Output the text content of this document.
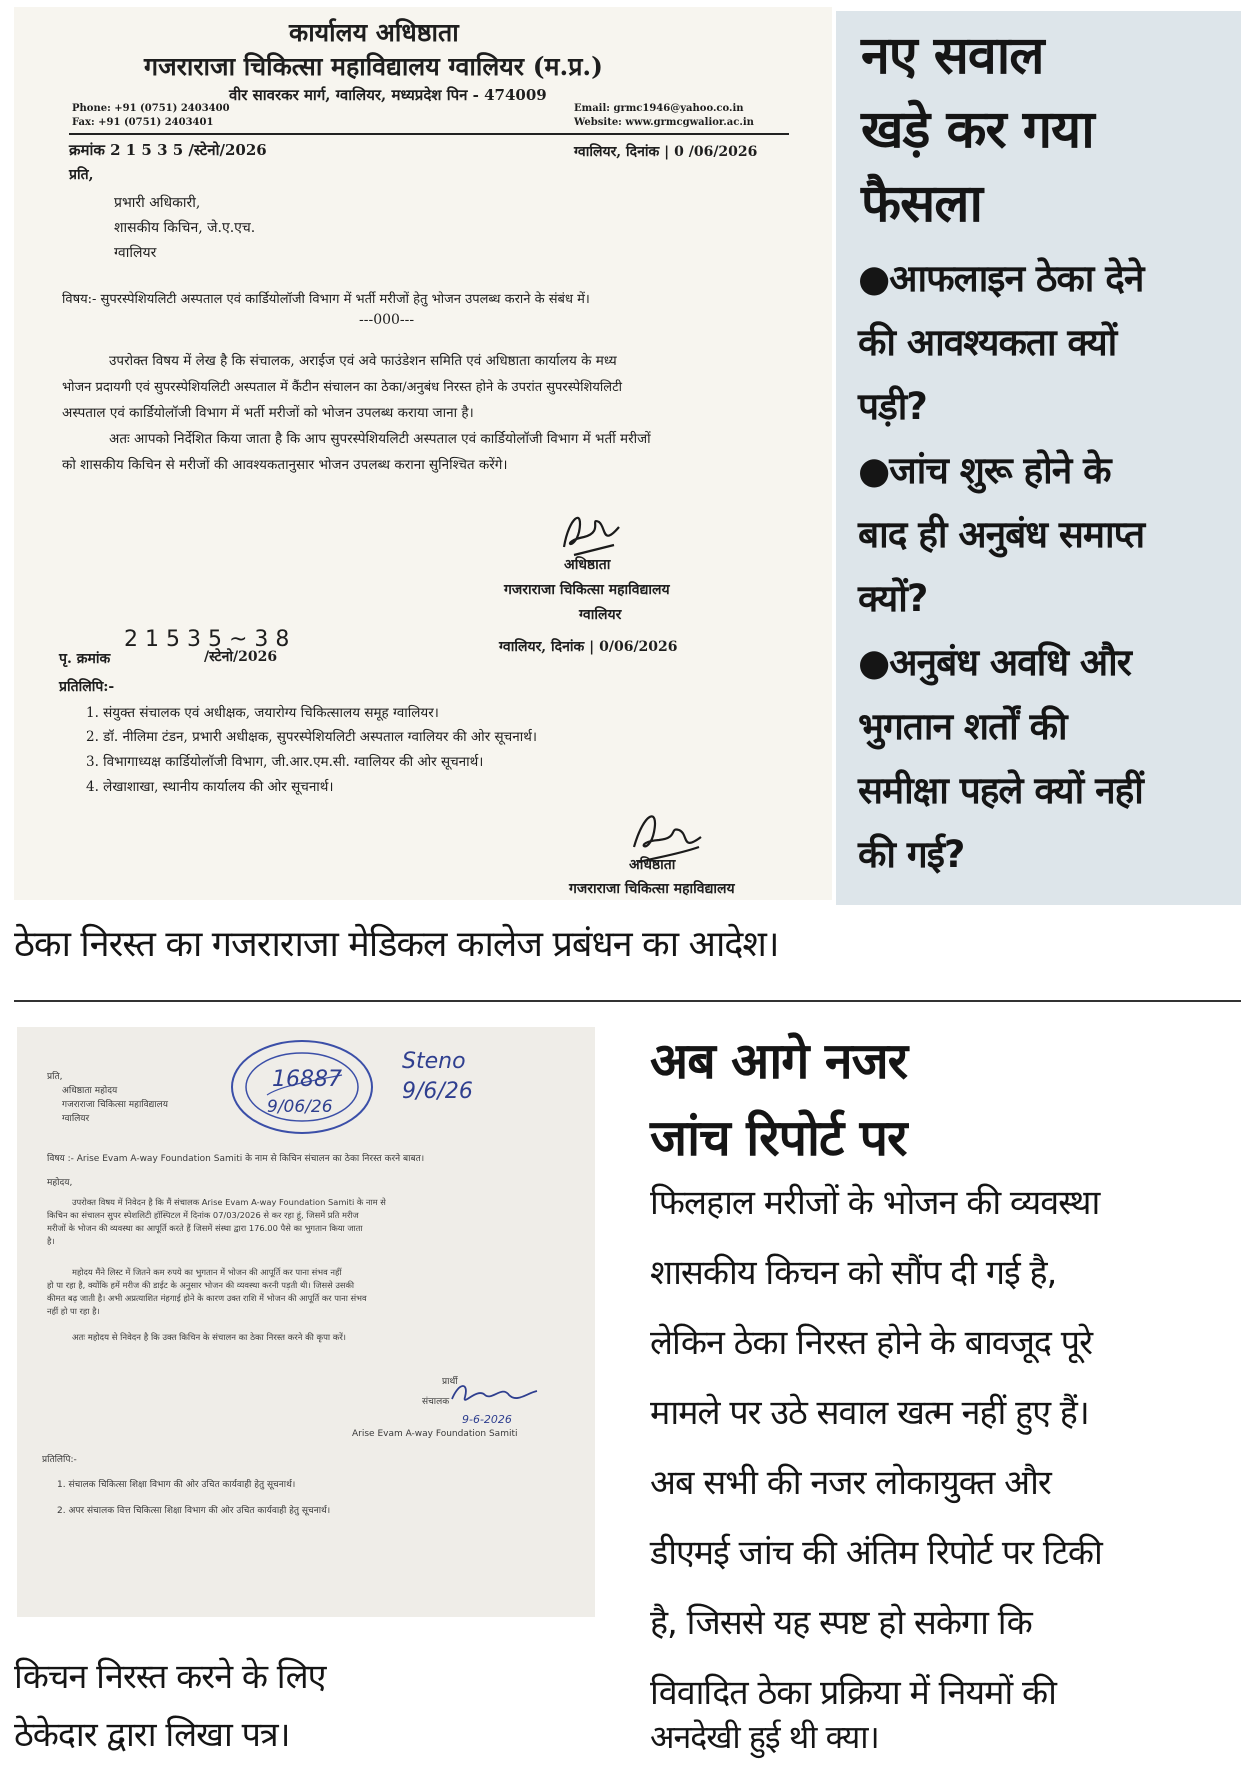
कार्यालय अधिष्ठाता
गजराराजा चिकित्सा महाविद्यालय ग्वालियर (म.प्र.)
वीर सावरकर मार्ग, ग्वालियर, मध्यप्रदेश पिन - 474009
Phone: +91 (0751) 2403400
Fax: +91 (0751) 2403401
Email: grmc1946@yahoo.co.in
Website: www.grmcgwalior.ac.in
क्रमांक 2 1 5 3 5 /स्टेनो/2026	ग्वालियर, दिनांक | 0 /06/2026
प्रति,
प्रभारी अधिकारी,
शासकीय किचिन, जे.ए.एच.
ग्वालियर
विषय:- सुपरस्पेशियलिटी अस्पताल एवं कार्डियोलॉजी विभाग में भर्ती मरीजों हेतु भोजन उपलब्ध कराने के संबंध में।
---000---
उपरोक्त विषय में लेख है कि संचालक, अराईज एवं अवे फाउंडेशन समिति एवं अधिष्ठाता कार्यालय के मध्य
भोजन प्रदायगी एवं सुपरस्पेशियलिटी अस्पताल में कैंटीन संचालन का ठेका/अनुबंध निरस्त होने के उपरांत सुपरस्पेशियलिटी
अस्पताल एवं कार्डियोलॉजी विभाग में भर्ती मरीजों को भोजन उपलब्ध कराया जाना है।
अतः आपको निर्देशित किया जाता है कि आप सुपरस्पेशियलिटी अस्पताल एवं कार्डियोलॉजी विभाग में भर्ती मरीजों
को शासकीय किचिन से मरीजों की आवश्यकतानुसार भोजन उपलब्ध कराना सुनिश्चित करेंगे।
अधिष्ठाता
गजराराजा चिकित्सा महाविद्यालय
ग्वालियर
2 1 5 3 5 ~ 3 8
पृ. क्रमांक	/स्टेनो/2026
ग्वालियर, दिनांक | 0/06/2026
प्रतिलिपि:-
1. संयुक्त संचालक एवं अधीक्षक, जयारोग्य चिकित्सालय समूह ग्वालियर।
2. डॉ. नीलिमा टंडन, प्रभारी अधीक्षक, सुपरस्पेशियलिटी अस्पताल ग्वालियर की ओर सूचनार्थ।
3. विभागाध्यक्ष कार्डियोलॉजी विभाग, जी.आर.एम.सी. ग्वालियर की ओर सूचनार्थ।
4. लेखाशाखा, स्थानीय कार्यालय की ओर सूचनार्थ।
अधिष्ठाता
गजराराजा चिकित्सा महाविद्यालय
नए सवाल
खड़े कर गया
फैसला
●आफलाइन ठेका देने
की आवश्यकता क्यों
पड़ी?
●जांच शुरू होने के
बाद ही अनुबंध समाप्त
क्यों?
●अनुबंध अवधि और
भुगतान शर्तों की
समीक्षा पहले क्यों नहीं
की गई?
ठेका निरस्त का गजराराजा मेडिकल कालेज प्रबंधन का आदेश।
प्रति,
अधिष्ठाता महोदय
गजराराजा चिकित्सा महाविद्यालय
ग्वालियर
16887
9/06/26
Steno
9/6/26
विषय :- Arise Evam A-way Foundation Samiti के नाम से किचिन संचालन का ठेका निरस्त करने बाबत।
महोदय,
उपरोक्त विषय में निवेदन है कि मैं संचालक Arise Evam A-way Foundation Samiti के नाम से
किचिन का संचालन सुपर स्पेशलिटी हॉस्पिटल में दिनांक 07/03/2026 से कर रहा हूं, जिसमें प्रति मरीज
मरीजों के भोजन की व्यवस्था का आपूर्ति करते हैं जिसमें संस्था द्वारा 176.00 पैसे का भुगतान किया जाता
है।
महोदय मैंने लिस्ट में जितने कम रुपये का भुगतान में भोजन की आपूर्ति कर पाना संभव नहीं
हो पा रहा है, क्योंकि हमें मरीज की डाईट के अनुसार भोजन की व्यवस्था करनी पड़ती थी। जिससे उसकी
कीमत बढ़ जाती है। अभी अप्रत्याशित मंहगाई होने के कारण उक्त राशि में भोजन की आपूर्ति कर पाना संभव
नहीं हो पा रहा है।
अतः महोदय से निवेदन है कि उक्त किचिन के संचालन का ठेका निरस्त करने की कृपा करें।
प्रार्थी
संचालक
9-6-2026
Arise Evam A-way Foundation Samiti
प्रतिलिपि:-
1. संचालक चिकित्सा शिक्षा विभाग की ओर उचित कार्यवाही हेतु सूचनार्थ।
2. अपर संचालक वित्त चिकित्सा शिक्षा विभाग की ओर उचित कार्यवाही हेतु सूचनार्थ।
किचन निरस्त करने के लिए
ठेकेदार द्वारा लिखा पत्र।
अब आगे नजर
जांच रिपोर्ट पर
फिलहाल मरीजों के भोजन की व्यवस्था
शासकीय किचन को सौंप दी गई है,
लेकिन ठेका निरस्त होने के बावजूद पूरे
मामले पर उठे सवाल खत्म नहीं हुए हैं।
अब सभी की नजर लोकायुक्त और
डीएमई जांच की अंतिम रिपोर्ट पर टिकी
है, जिससे यह स्पष्ट हो सकेगा कि
विवादित ठेका प्रक्रिया में नियमों की
अनदेखी हुई थी क्या।
